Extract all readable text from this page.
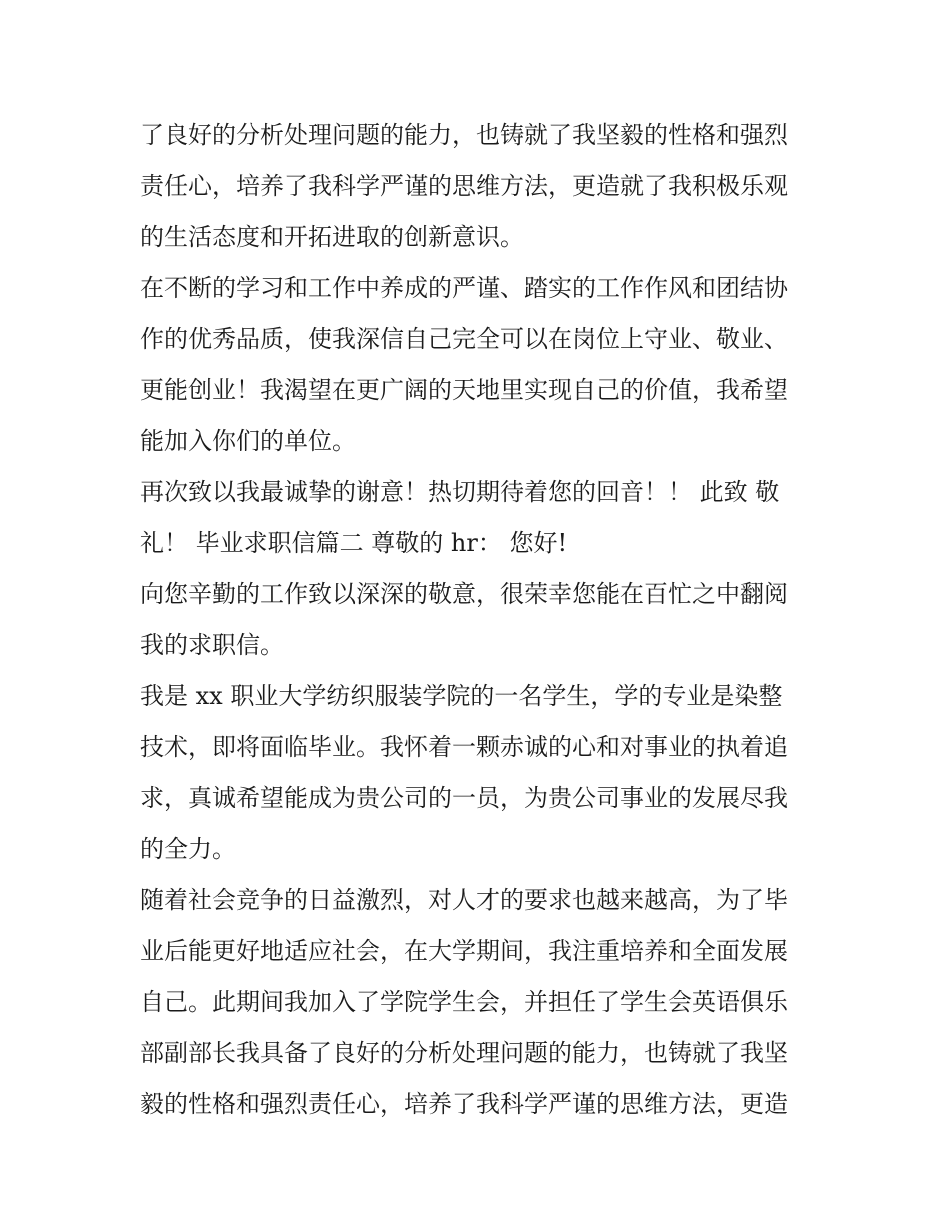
了良好的分析处理问题的能力，也铸就了我坚毅的性格和强烈
责任心，培养了我科学严谨的思维方法，更造就了我积极乐观
的生活态度和开拓进取的创新意识。
在不断的学习和工作中养成的严谨、踏实的工作作风和团结协
作的优秀品质，使我深信自己完全可以在岗位上守业、敬业、
更能创业！我渴望在更广阔的天地里实现自己的价值，我希望
能加入你们的单位。
再次致以我最诚挚的谢意！热切期待着您的回音！！ 此致 敬
礼！ 毕业求职信篇二 尊敬的 hr： 您好!
向您辛勤的工作致以深深的敬意，很荣幸您能在百忙之中翻阅
我的求职信。
我是 xx 职业大学纺织服装学院的一名学生，学的专业是染整
技术，即将面临毕业。我怀着一颗赤诚的心和对事业的执着追
求，真诚希望能成为贵公司的一员，为贵公司事业的发展尽我
的全力。
随着社会竞争的日益激烈，对人才的要求也越来越高，为了毕
业后能更好地适应社会，在大学期间，我注重培养和全面发展
自己。此期间我加入了学院学生会，并担任了学生会英语俱乐
部副部长我具备了良好的分析处理问题的能力，也铸就了我坚
毅的性格和强烈责任心，培养了我科学严谨的思维方法，更造
